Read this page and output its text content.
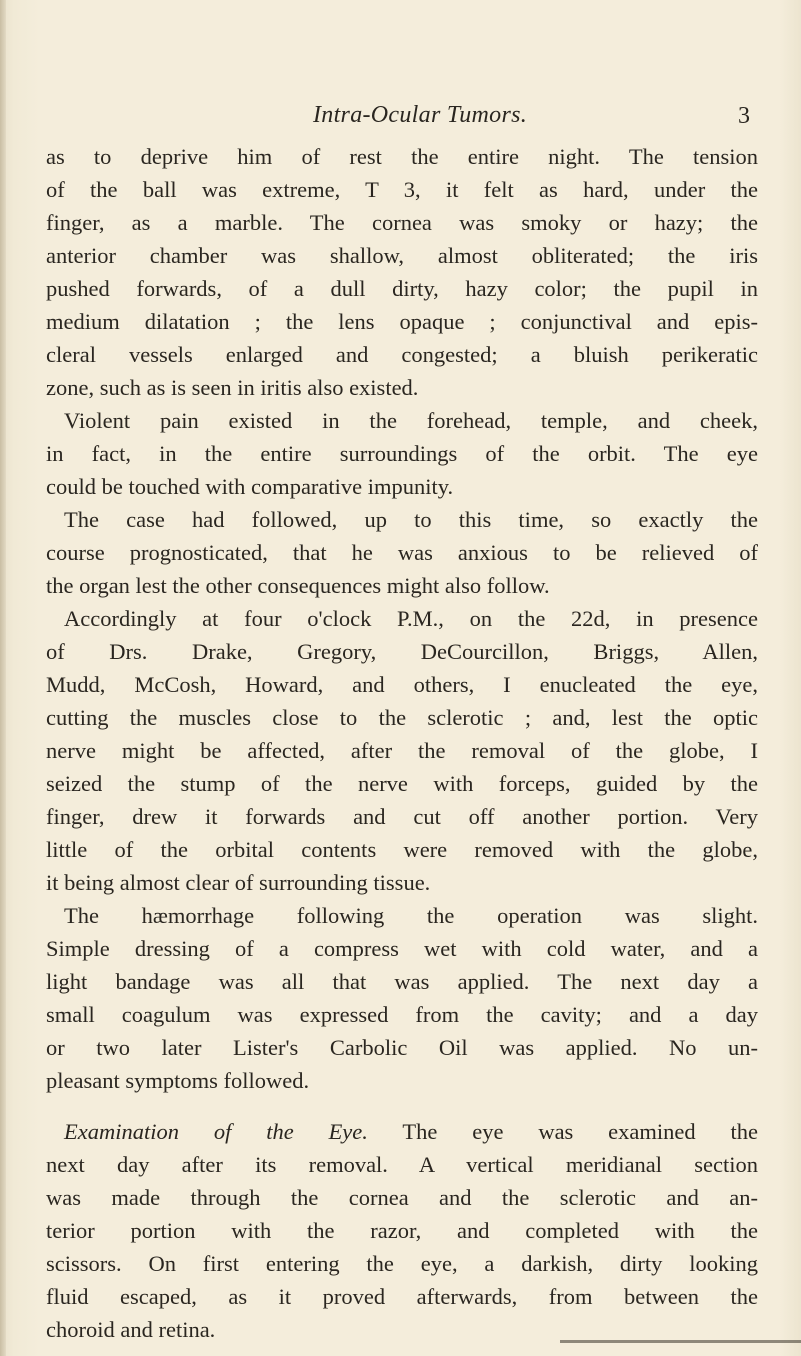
Intra-Ocular Tumors.	3
as to deprive him of rest the entire night. The tension
of the ball was extreme, T 3, it felt as hard, under the
finger, as a marble. The cornea was smoky or hazy; the
anterior chamber was shallow, almost obliterated; the iris
pushed forwards, of a dull dirty, hazy color; the pupil in
medium dilatation ; the lens opaque ; conjunctival and epis-
cleral vessels enlarged and congested; a bluish perikeratic
zone, such as is seen in iritis also existed.
Violent pain existed in the forehead, temple, and cheek,
in fact, in the entire surroundings of the orbit. The eye
could be touched with comparative impunity.
The case had followed, up to this time, so exactly the
course prognosticated, that he was anxious to be relieved of
the organ lest the other consequences might also follow.
Accordingly at four o'clock P.M., on the 22d, in presence
of Drs. Drake, Gregory, DeCourcillon, Briggs, Allen,
Mudd, McCosh, Howard, and others, I enucleated the eye,
cutting the muscles close to the sclerotic ; and, lest the optic
nerve might be affected, after the removal of the globe, I
seized the stump of the nerve with forceps, guided by the
finger, drew it forwards and cut off another portion. Very
little of the orbital contents were removed with the globe,
it being almost clear of surrounding tissue.
The hæmorrhage following the operation was slight.
Simple dressing of a compress wet with cold water, and a
light bandage was all that was applied. The next day a
small coagulum was expressed from the cavity; and a day
or two later Lister's Carbolic Oil was applied. No un-
pleasant symptoms followed.
Examination of the Eye. The eye was examined the
next day after its removal. A vertical meridianal section
was made through the cornea and the sclerotic and an-
terior portion with the razor, and completed with the
scissors. On first entering the eye, a darkish, dirty looking
fluid escaped, as it proved afterwards, from between the
choroid and retina.
